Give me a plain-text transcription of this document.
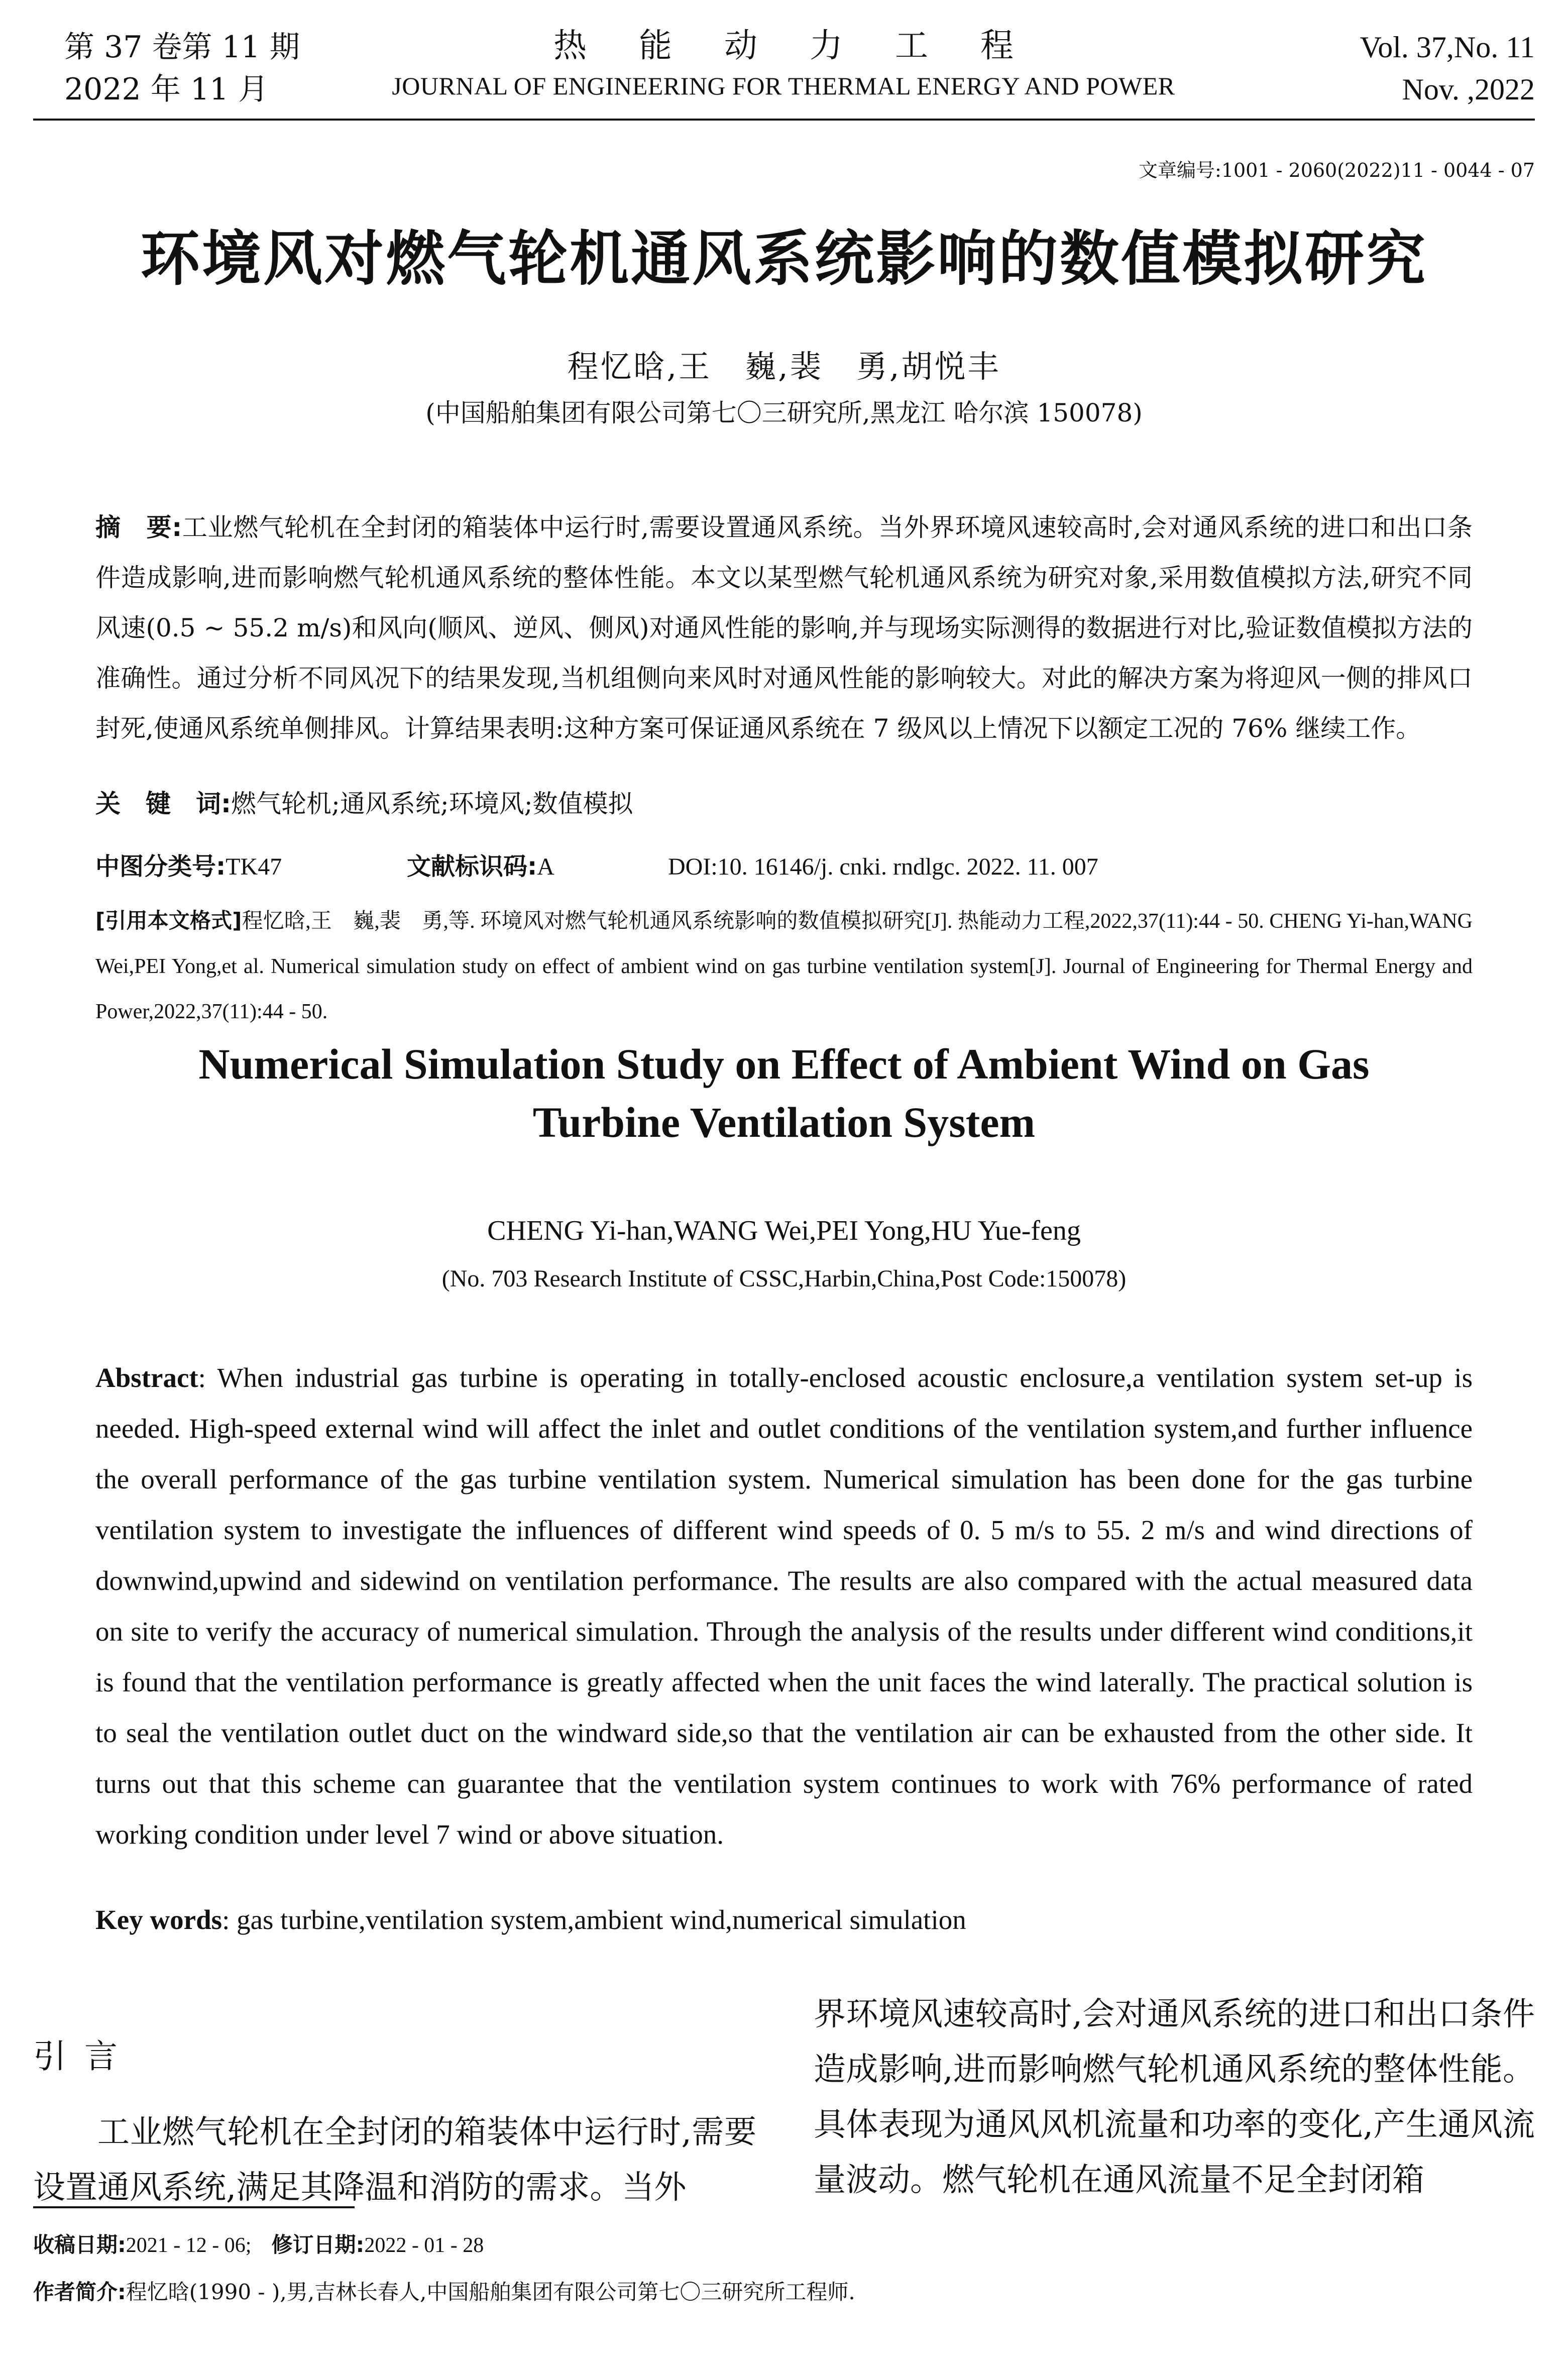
第 37 卷第 11 期
2022 年 11 月
热能动力工程
JOURNAL OF ENGINEERING FOR THERMAL ENERGY AND POWER
Vol. 37,No. 11
Nov. ,2022
文章编号:1001 - 2060(2022)11 - 0044 - 07
环境风对燃气轮机通风系统影响的数值模拟研究
程忆晗,王　巍,裴　勇,胡悦丰
(中国船舶集团有限公司第七〇三研究所,黑龙江 哈尔滨 150078)
摘　要:工业燃气轮机在全封闭的箱装体中运行时,需要设置通风系统。当外界环境风速较高时,会对通风系统的进口和出口条件造成影响,进而影响燃气轮机通风系统的整体性能。本文以某型燃气轮机通风系统为研究对象,采用数值模拟方法,研究不同风速(0.5 ~ 55.2 m/s)和风向(顺风、逆风、侧风)对通风性能的影响,并与现场实际测得的数据进行对比,验证数值模拟方法的准确性。通过分析不同风况下的结果发现,当机组侧向来风时对通风性能的影响较大。对此的解决方案为将迎风一侧的排风口封死,使通风系统单侧排风。计算结果表明:这种方案可保证通风系统在 7 级风以上情况下以额定工况的 76% 继续工作。
关　键　词:燃气轮机;通风系统;环境风;数值模拟
中图分类号:TK47	文献标识码:A	DOI:10. 16146/j. cnki. rndlgc. 2022. 11. 007
[引用本文格式]程忆晗,王　巍,裴　勇,等. 环境风对燃气轮机通风系统影响的数值模拟研究[J]. 热能动力工程,2022,37(11):44 - 50. CHENG Yi-han,WANG Wei,PEI Yong,et al. Numerical simulation study on effect of ambient wind on gas turbine ventilation system[J]. Journal of Engineering for Thermal Energy and Power,2022,37(11):44 - 50.
Numerical Simulation Study on Effect of Ambient Wind on Gas
Turbine Ventilation System
CHENG Yi-han,WANG Wei,PEI Yong,HU Yue-feng
(No. 703 Research Institute of CSSC,Harbin,China,Post Code:150078)
Abstract: When industrial gas turbine is operating in totally-enclosed acoustic enclosure,a ventilation system set-up is needed. High-speed external wind will affect the inlet and outlet conditions of the ventilation system,and further influence the overall performance of the gas turbine ventilation system. Numerical simulation has been done for the gas turbine ventilation system to investigate the influences of different wind speeds of 0. 5 m/s to 55. 2 m/s and wind directions of downwind,upwind and sidewind on ventilation performance. The results are also compared with the actual measured data on site to verify the accuracy of numerical simulation. Through the analysis of the results under different wind conditions,it is found that the ventilation performance is greatly affected when the unit faces the wind laterally. The practical solution is to seal the ventilation outlet duct on the windward side,so that the ventilation air can be exhausted from the other side. It turns out that this scheme can guarantee that the ventilation system continues to work with 76% performance of rated working condition under level 7 wind or above situation.
Key words: gas turbine,ventilation system,ambient wind,numerical simulation
引言
工业燃气轮机在全封闭的箱装体中运行时,需要设置通风系统,满足其降温和消防的需求。当外
界环境风速较高时,会对通风系统的进口和出口条件造成影响,进而影响燃气轮机通风系统的整体性能。具体表现为通风风机流量和功率的变化,产生通风流量波动。燃气轮机在通风流量不足全封闭箱
收稿日期:2021 - 12 - 06; 修订日期:2022 - 01 - 28
作者简介:程忆晗(1990 - ),男,吉林长春人,中国船舶集团有限公司第七〇三研究所工程师.
